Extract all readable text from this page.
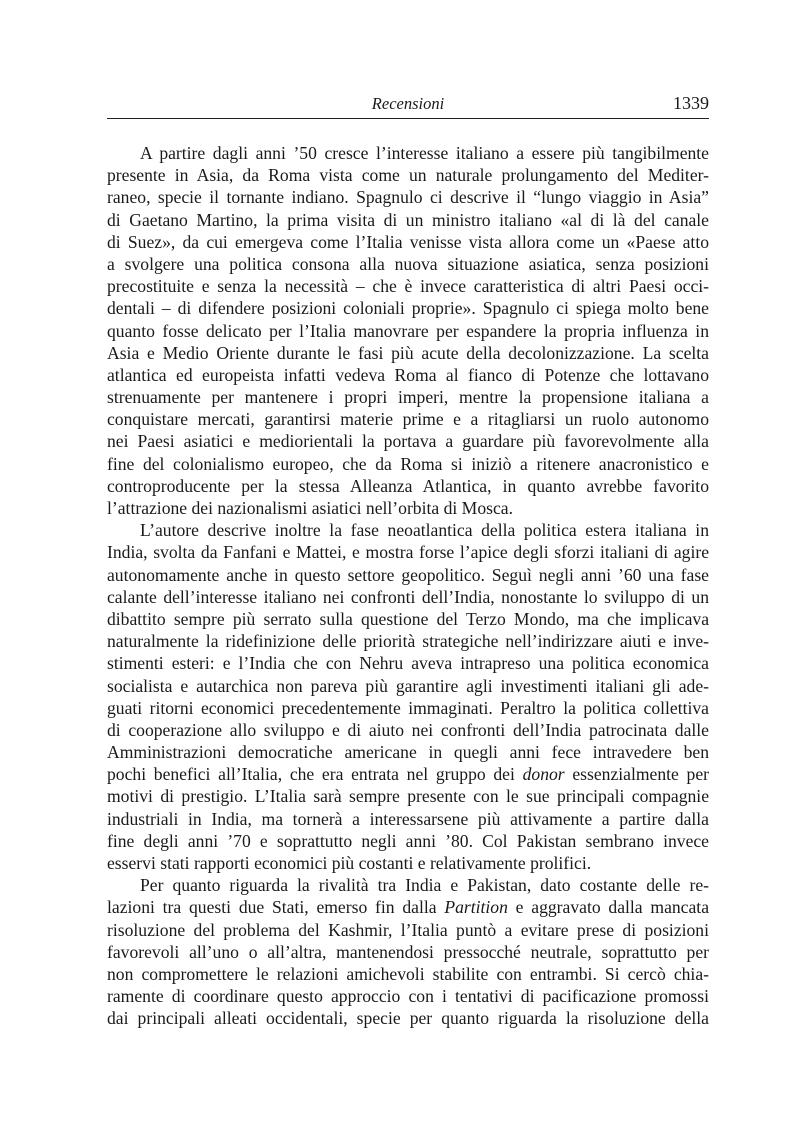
Recensioni	1339

A partire dagli anni ’50 cresce l’interesse italiano a essere più tangibilmente
presente in Asia, da Roma vista come un naturale prolungamento del Mediter-
raneo, specie il tornante indiano. Spagnulo ci descrive il “lungo viaggio in Asia”
di Gaetano Martino, la prima visita di un ministro italiano «al di là del canale
di Suez», da cui emergeva come l’Italia venisse vista allora come un «Paese atto
a svolgere una politica consona alla nuova situazione asiatica, senza posizioni
precostituite e senza la necessità – che è invece caratteristica di altri Paesi occi-
dentali – di difendere posizioni coloniali proprie». Spagnulo ci spiega molto bene
quanto fosse delicato per l’Italia manovrare per espandere la propria influenza in
Asia e Medio Oriente durante le fasi più acute della decolonizzazione. La scelta
atlantica ed europeista infatti vedeva Roma al fianco di Potenze che lottavano
strenuamente per mantenere i propri imperi, mentre la propensione italiana a
conquistare mercati, garantirsi materie prime e a ritagliarsi un ruolo autonomo
nei Paesi asiatici e mediorientali la portava a guardare più favorevolmente alla
fine del colonialismo europeo, che da Roma si iniziò a ritenere anacronistico e
controproducente per la stessa Alleanza Atlantica, in quanto avrebbe favorito
l’attrazione dei nazionalismi asiatici nell’orbita di Mosca.

L’autore descrive inoltre la fase neoatlantica della politica estera italiana in
India, svolta da Fanfani e Mattei, e mostra forse l’apice degli sforzi italiani di agire
autonomamente anche in questo settore geopolitico. Seguì negli anni ’60 una fase
calante dell’interesse italiano nei confronti dell’India, nonostante lo sviluppo di un
dibattito sempre più serrato sulla questione del Terzo Mondo, ma che implicava
naturalmente la ridefinizione delle priorità strategiche nell’indirizzare aiuti e inve-
stimenti esteri: e l’India che con Nehru aveva intrapreso una politica economica
socialista e autarchica non pareva più garantire agli investimenti italiani gli ade-
guati ritorni economici precedentemente immaginati. Peraltro la politica collettiva
di cooperazione allo sviluppo e di aiuto nei confronti dell’India patrocinata dalle
Amministrazioni democratiche americane in quegli anni fece intravedere ben
pochi benefici all’Italia, che era entrata nel gruppo dei donor essenzialmente per
motivi di prestigio. L’Italia sarà sempre presente con le sue principali compagnie
industriali in India, ma tornerà a interessarsene più attivamente a partire dalla
fine degli anni ’70 e soprattutto negli anni ’80. Col Pakistan sembrano invece
esservi stati rapporti economici più costanti e relativamente prolifici.

Per quanto riguarda la rivalità tra India e Pakistan, dato costante delle re-
lazioni tra questi due Stati, emerso fin dalla Partition e aggravato dalla mancata
risoluzione del problema del Kashmir, l’Italia puntò a evitare prese di posizioni
favorevoli all’uno o all’altra, mantenendosi pressocché neutrale, soprattutto per
non compromettere le relazioni amichevoli stabilite con entrambi. Si cercò chia-
ramente di coordinare questo approccio con i tentativi di pacificazione promossi
dai principali alleati occidentali, specie per quanto riguarda la risoluzione della
